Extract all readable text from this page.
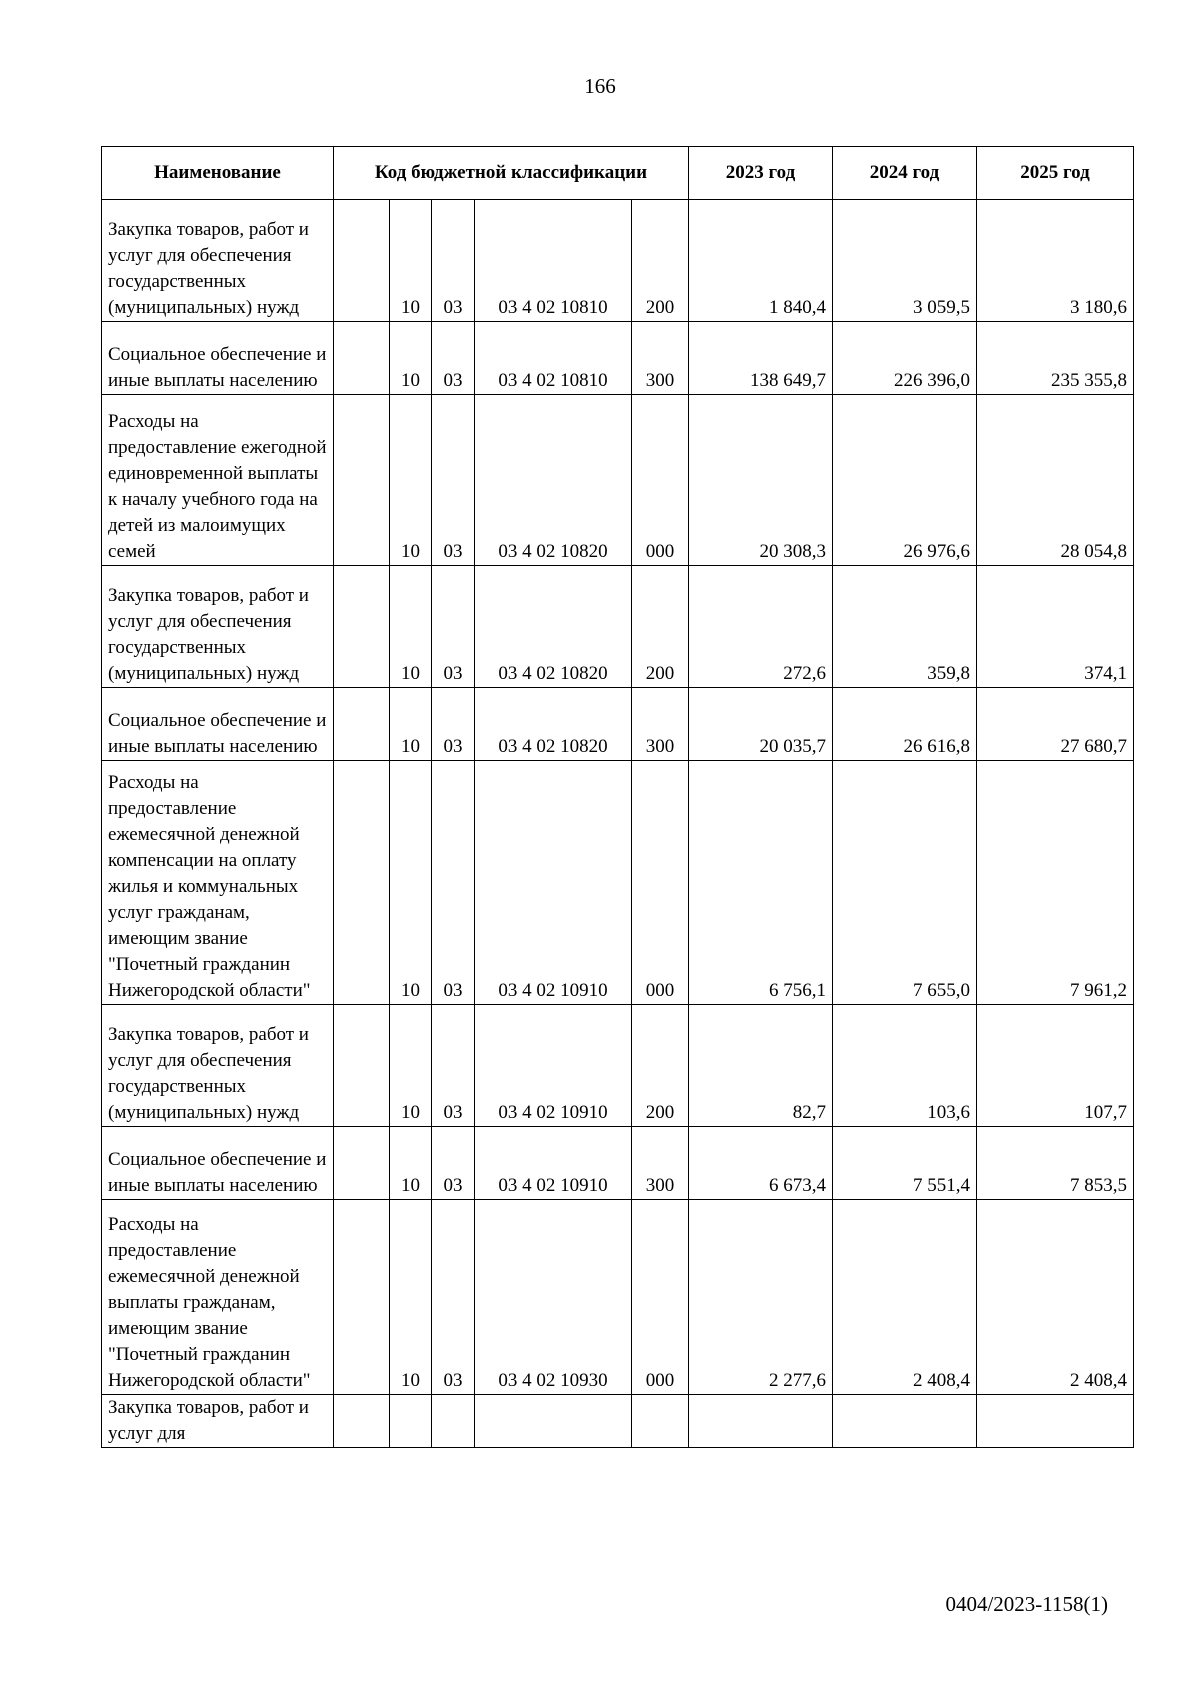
166
Наименование	Код бюджетной классификации					2023 год	2024 год	2025 год
Закупка товаров, работ и услуг для обеспечения государственных (муниципальных) нужд		10	03	03 4 02 10810	200	1 840,4	3 059,5	3 180,6
Социальное обеспечение и иные выплаты населению		10	03	03 4 02 10810	300	138 649,7	226 396,0	235 355,8
Расходы на предоставление ежегодной единовременной выплаты к началу учебного года на детей из малоимущих семей		10	03	03 4 02 10820	000	20 308,3	26 976,6	28 054,8
Закупка товаров, работ и услуг для обеспечения государственных (муниципальных) нужд		10	03	03 4 02 10820	200	272,6	359,8	374,1
Социальное обеспечение и иные выплаты населению		10	03	03 4 02 10820	300	20 035,7	26 616,8	27 680,7
Расходы на предоставление ежемесячной денежной компенсации на оплату жилья и коммунальных услуг гражданам, имеющим звание "Почетный гражданин Нижегородской области"		10	03	03 4 02 10910	000	6 756,1	7 655,0	7 961,2
Закупка товаров, работ и услуг для обеспечения государственных (муниципальных) нужд		10	03	03 4 02 10910	200	82,7	103,6	107,7
Социальное обеспечение и иные выплаты населению		10	03	03 4 02 10910	300	6 673,4	7 551,4	7 853,5
Расходы на предоставление ежемесячной денежной выплаты гражданам, имеющим звание "Почетный гражданин Нижегородской области"		10	03	03 4 02 10930	000	2 277,6	2 408,4	2 408,4
Закупка товаров, работ и услуг для								
0404/2023-1158(1)
